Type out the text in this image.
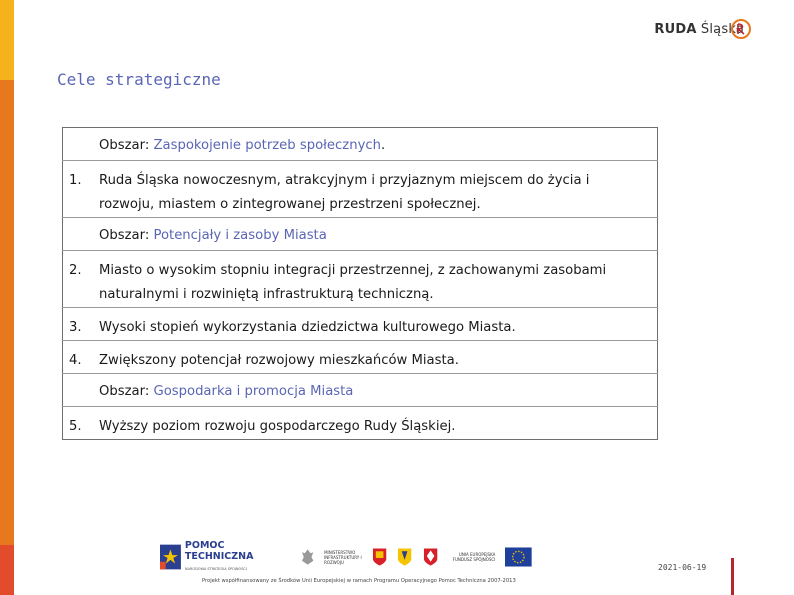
RUDA Śląska
Cele strategiczne
Obszar: Zaspokojenie potrzeb społecznych.

1.	Ruda Śląska nowoczesnym, atrakcyjnym i przyjaznym miejscem do życia i rozwoju, miastem o zintegrowanej przestrzeni społecznej.

Obszar: Potencjały i zasoby Miasta

2.	Miasto o wysokim stopniu integracji przestrzennej, z zachowanymi zasobami naturalnymi i rozwiniętą infrastrukturą techniczną.

3.	Wysoki stopień wykorzystania dziedzictwa kulturowego Miasta.

4.	Zwiększony potencjał rozwojowy mieszkańców Miasta.

Obszar: Gospodarka i promocja Miasta

5.	Wyższy poziom rozwoju gospodarczego Rudy Śląskiej.
POMOC TECHNICZNA
NARODOWA STRATEGIA SPÓJNOŚCI
MINISTERSTWO INFRASTRUKTURY I ROZWOJU
UNIA EUROPEJSKA FUNDUSZ SPÓJNOŚCI
Projekt współfinansowany ze Środków Unii Europejskiej w ramach Programu Operacyjnego Pomoc Techniczna 2007-2013
2021-06-19
